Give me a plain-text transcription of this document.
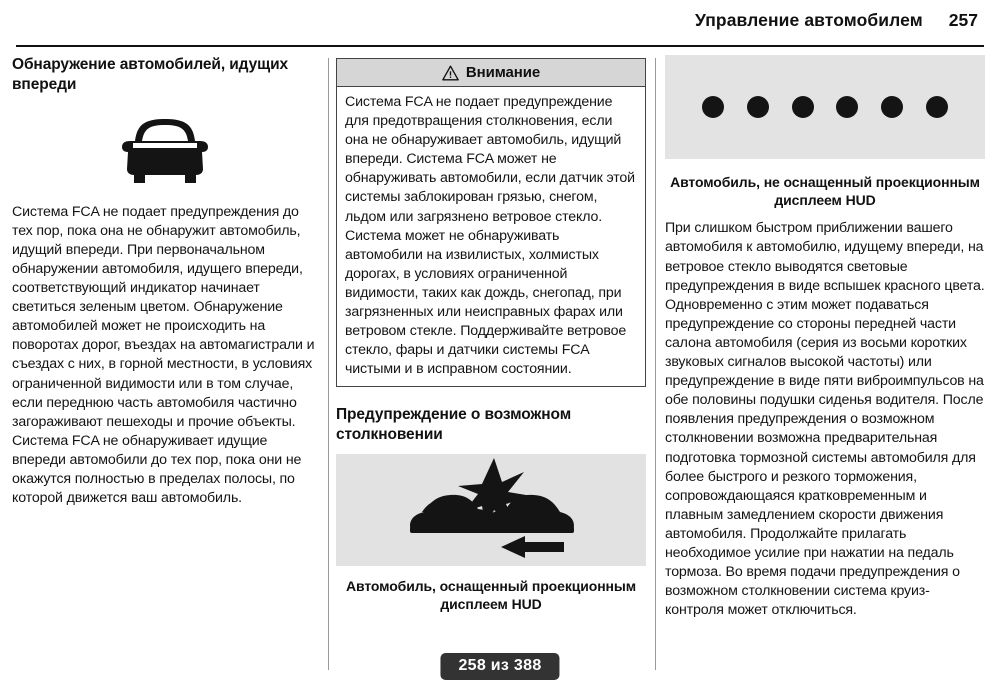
Управление автомобилем 257
Обнаружение автомобилей, идущих впереди

Система FCA не подает предупреждения до тех пор, пока она не обнаружит автомобиль, идущий впереди. При первоначальном обнаружении автомобиля, идущего впереди, соответствующий индикатор начинает светиться зеленым цветом. Обнаружение автомобилей может не происходить на поворотах дорог, въездах на автомагистрали и съездах с них, в горной местности, в условиях ограниченной видимости или в том случае, если переднюю часть автомобиля частично загораживают пешеходы и прочие объекты. Система FCA не обнаруживает идущие впереди автомобили до тех пор, пока они не окажутся полностью в пределах полосы, по которой движется ваш автомобиль.

Внимание

Система FCA не подает предупреждение для предотвращения столкновения, если она не обнаруживает автомобиль, идущий впереди. Система FCA может не обнаруживать автомобили, если датчик этой системы заблокирован грязью, снегом, льдом или загрязнено ветровое стекло. Система может не обнаруживать автомобили на извилистых, холмистых дорогах, в условиях ограниченной видимости, таких как дождь, снегопад, при загрязненных или неисправных фарах или ветровом стекле. Поддерживайте ветровое стекло, фары и датчики системы FCA чистыми и в исправном состоянии.

Предупреждение о возможном столкновении

Автомобиль, оснащенный проекционным дисплеем HUD

Автомобиль, не оснащенный проекционным дисплеем HUD

При слишком быстром приближении вашего автомобиля к автомобилю, идущему впереди, на ветровое стекло выводятся световые предупреждения в виде вспышек красного цвета. Одновременно с этим может подаваться предупреждение со стороны передней части салона автомобиля (серия из восьми коротких звуковых сигналов высокой частоты) или предупреждение в виде пяти виброимпульсов на обе половины подушки сиденья водителя. После появления предупреждения о возможном столкновении возможна предварительная подготовка тормозной системы автомобиля для более быстрого и резкого торможения, сопровождающаяся кратковременным и плавным замедлением скорости движения автомобиля. Продолжайте прилагать необходимое усилие при нажатии на педаль тормоза. Во время подачи предупреждения о возможном столкновении система круиз-контроля может отключиться.

258 из 388
